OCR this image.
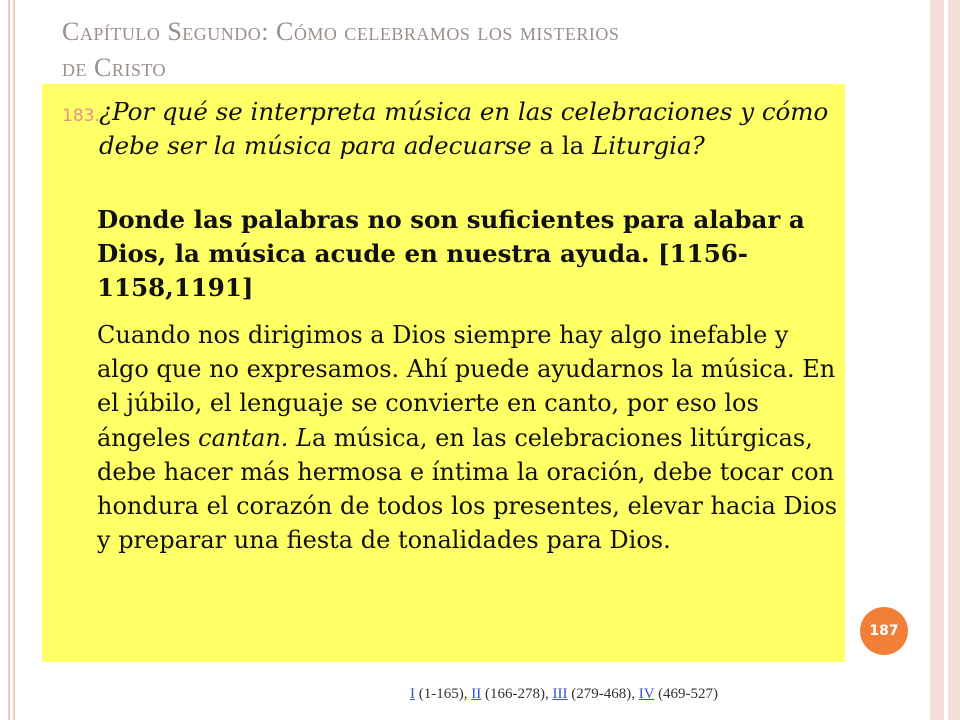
Capítulo Segundo: Cómo celebramos los misterios
de Cristo
183. ¿Por qué se interpreta música en las celebraciones y cómo debe ser la música para adecuarse a la Liturgia?
Donde las palabras no son suficientes para alabar a Dios, la música acude en nuestra ayuda. [1156-1158,1191]
Cuando nos dirigimos a Dios siempre hay algo inefable y algo que no expresamos. Ahí puede ayudarnos la música. En el júbilo, el lenguaje se convierte en canto, por eso los ángeles cantan. La música, en las celebraciones litúrgicas, debe hacer más hermosa e íntima la oración, debe tocar con hondura el corazón de todos los presentes, elevar hacia Dios y preparar una fiesta de tonalidades para Dios.
187
I (1-165), II (166-278), III (279-468), IV (469-527)
